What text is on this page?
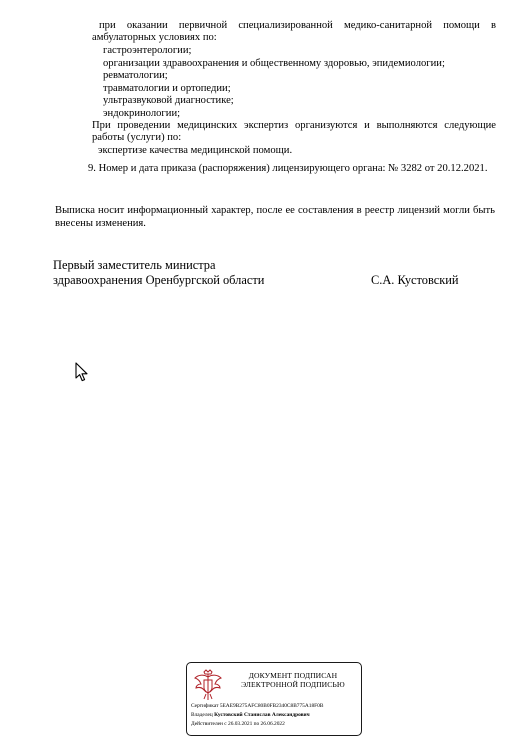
при оказании первичной специализированной медико-санитарной помощи в
амбулаторных условиях по:
гастроэнтерологии;
организации здравоохранения и общественному здоровью, эпидемиологии;
ревматологии;
травматологии и ортопедии;
ультразвуковой диагностике;
эндокринологии;
При проведении медицинских экспертиз организуются и выполняются следующие
работы (услуги) по:
экспертизе качества медицинской помощи.
9. Номер и дата приказа (распоряжения) лицензирующего органа: № 3282 от 20.12.2021.
Выписка носит информационный характер, после ее составления в реестр лицензий могли быть
внесены изменения.
Первый заместитель министра
здравоохранения Оренбургской области	С.А. Кустовский
ДОКУМЕНТ ПОДПИСАН
ЭЛЕКТРОННОЙ ПОДПИСЬЮ
Сертификат 5EAE9B275AFC80B0FB2340C8B775A18F0B
Владелец Кустовский Станислав Александрович
Действителен с 26.03.2021 по 26.06.2022
